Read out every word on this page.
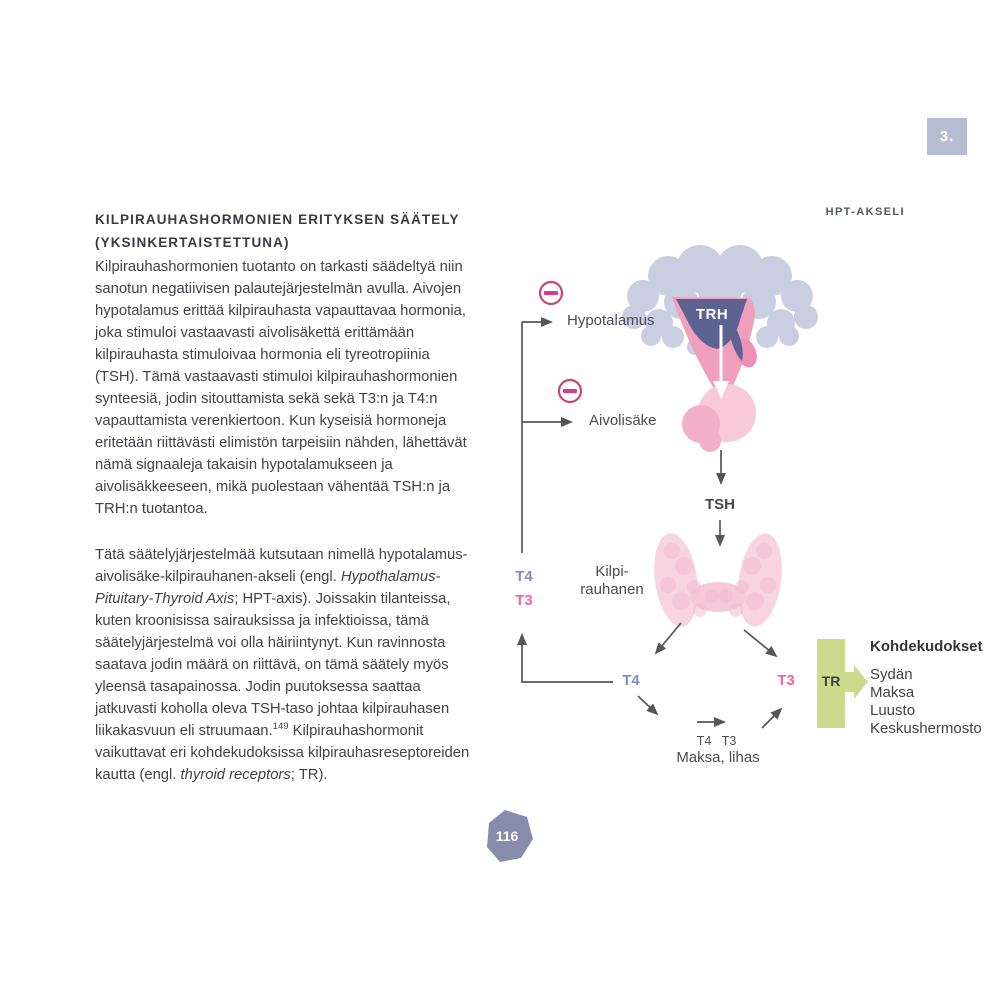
3.
HPT-AKSELI
KILPIRAUHASHORMONIEN ERITYKSEN SÄÄTELY
(YKSINKERTAISTETTUNA)

Kilpirauhashormonien tuotanto on tarkasti säädeltyä niin sanotun negatiivisen palautejärjestelmän avulla. Aivojen hypotalamus erittää kilpirauhasta vapauttavaa hormonia, joka stimuloi vastaavasti aivolisäkettä erittämään kilpirauhasta stimuloivaa hormonia eli tyreotropiinia (TSH). Tämä vastaavasti stimuloi kilpirauhashormonien synteesiä, jodin sitouttamista sekä sekä T3:n ja T4:n vapauttamista verenkiertoon. Kun kyseisiä hormoneja eritetään riittävästi elimistön tarpeisiin nähden, lähettävät nämä signaaleja takaisin hypotalamukseen ja aivolisäkkeeseen, mikä puolestaan vähentää TSH:n ja TRH:n tuotantoa.

Tätä säätelyjärjestelmää kutsutaan nimellä hypotalamus-aivolisäke-kilpirauhanen-akseli (engl. Hypothalamus-Pituitary-Thyroid Axis; HPT-axis). Joissakin tilanteissa, kuten kroonisissa sairauksissa ja infektioissa, tämä säätelyjärjestelmä voi olla häiriintynyt. Kun ravinnosta saatava jodin määrä on riittävä, on tämä säätely myös yleensä tasapainossa. Jodin puutoksessa saattaa jatkuvasti koholla oleva TSH-taso johtaa kilpirauhasen liikakasvuun eli struumaan.$^{149}$ Kilpirauhashormonit vaikuttavat eri kohdekudoksissa kilpirauhasreseptoreiden kautta (engl. thyroid receptors; TR).

Hypotalamus
Aivolisäke
TRH
TSH
Kilpi-
rauhanen
T4
T3
T4	T3
T4 T3
Maksa, lihas
TR
Kohdekudokset
Sydän
Maksa
Luusto
Keskushermosto
116
